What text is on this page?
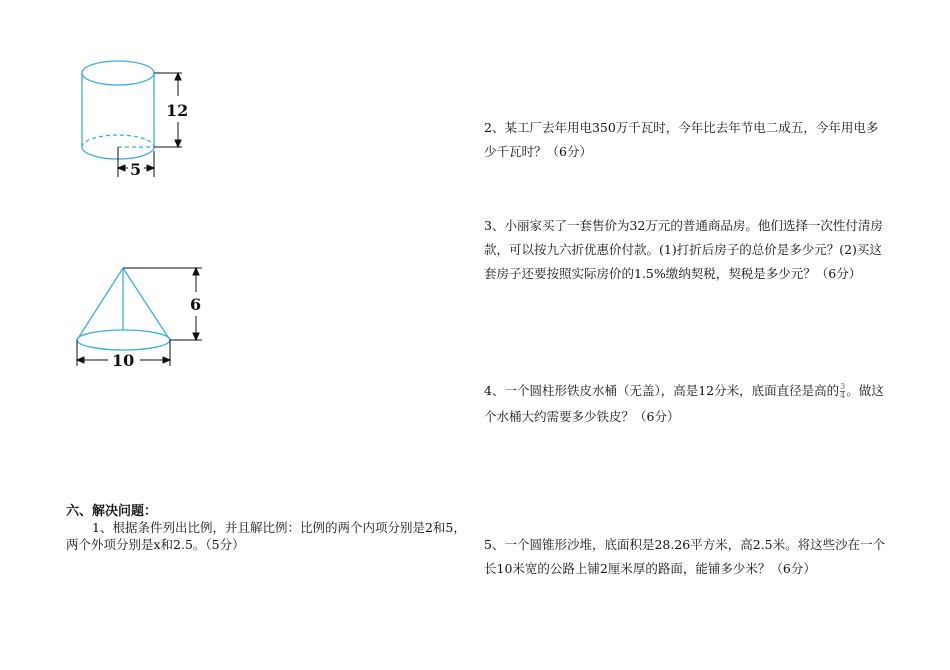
12
5
6
10
六、解决问题：
1、根据条件列出比例，并且解比例：比例的两个内项分别是2和5，
两个外项分别是x和2.5。（5分）
2、某工厂去年用电350万千瓦时，今年比去年节电二成五，今年用电多少千瓦时？（6分）
3、小丽家买了一套售价为32万元的普通商品房。他们选择一次性付清房款，可以按九六折优惠价付款。(1)打折后房子的总价是多少元？(2)买这套房子还要按照实际房价的1.5%缴纳契税，契税是多少元？（6分）
4、一个圆柱形铁皮水桶（无盖），高是12分米，底面直径是高的 $\frac{3}{4}$ 。做这个水桶大约需要多少铁皮？（6分）
5、一个圆锥形沙堆，底面积是28.26平方米，高2.5米。将这些沙在一个长10米宽的公路上铺2厘米厚的路面，能铺多少米？（6分）
